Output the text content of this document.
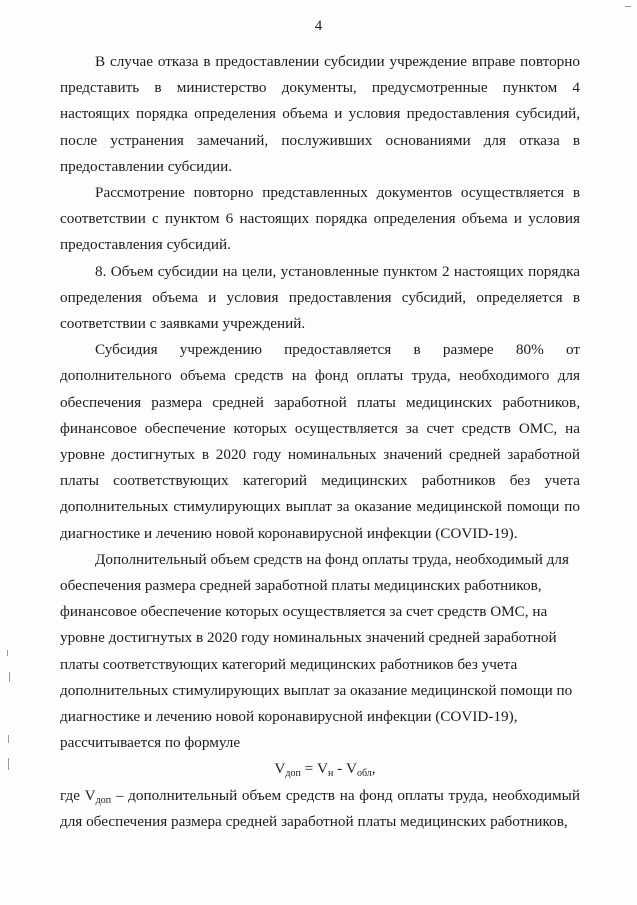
4

В случае отказа в предоставлении субсидии учреждение вправе повторно представить в министерство документы, предусмотренные пунктом 4 настоящих порядка определения объема и условия предоставления субсидий, после устранения замечаний, послуживших основаниями для отказа в предоставлении субсидии.

Рассмотрение повторно представленных документов осуществляется в соответствии с пунктом 6 настоящих порядка определения объема и условия предоставления субсидий.

8. Объем субсидии на цели, установленные пунктом 2 настоящих порядка определения объема и условия предоставления субсидий, определяется в соответствии с заявками учреждений.

Субсидия учреждению предоставляется в размере 80% от дополнительного объема средств на фонд оплаты труда, необходимого для обеспечения размера средней заработной платы медицинских работников, финансовое обеспечение которых осуществляется за счет средств ОМС, на уровне достигнутых в 2020 году номинальных значений средней заработной платы соответствующих категорий медицинских работников без учета дополнительных стимулирующих выплат за оказание медицинской помощи по диагностике и лечению новой коронавирусной инфекции (COVID-19).

Дополнительный объем средств на фонд оплаты труда, необходимый для обеспечения размера средней заработной платы медицинских работников, финансовое обеспечение которых осуществляется за счет средств ОМС, на уровне достигнутых в 2020 году номинальных значений средней заработной платы соответствующих категорий медицинских работников без учета дополнительных стимулирующих выплат за оказание медицинской помощи по диагностике и лечению новой коронавирусной инфекции (COVID-19), рассчитывается по формуле

$V_{доп} = V_н - V_{обл}$,

где $V_{доп}$ – дополнительный объем средств на фонд оплаты труда, необходимый для обеспечения размера средней заработной платы медицинских работников,
